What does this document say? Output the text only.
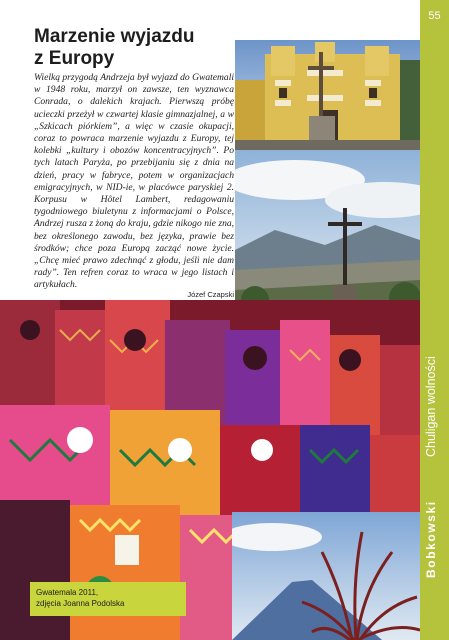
55
Chuligan wolności
Bobkowski
Marzenie wyjazdu
z Europy

Wielką przygodą Andrzeja był wyjazd do Gwatemali w 1948 roku, marzył on zawsze, ten wyznawca Conrada, o dalekich krajach. Pierwszą próbę ucieczki przeżył w czwartej klasie gimnazjalnej, a w „Szkicach piórkiem”, a więc w czasie okupacji, coraz to powraca marzenie wyjazdu z Europy, tej kolebki „kultury i obozów koncentracyjnych”. Po tych latach Paryża, po przebijaniu się z dnia na dzień, pracy w fabryce, potem w organizacjach emigracyjnych, w NID-ie, w placówce paryskiej 2. Korpusu w Hôtel Lambert, redagowaniu tygodniowego biuletynu z informacjami o Polsce, Andrzej rusza z żoną do kraju, gdzie nikogo nie zna, bez określonego zawodu, bez języka, prawie bez środków; chce poza Europą zacząć nowe życie. „Chcę mieć prawo zdechnąć z głodu, jeśli nie dam rady”. Ten refren coraz to wraca w jego listach i artykułach.

Józef Czapski
Gwatemala 2011,
zdjęcia Joanna Podolska
